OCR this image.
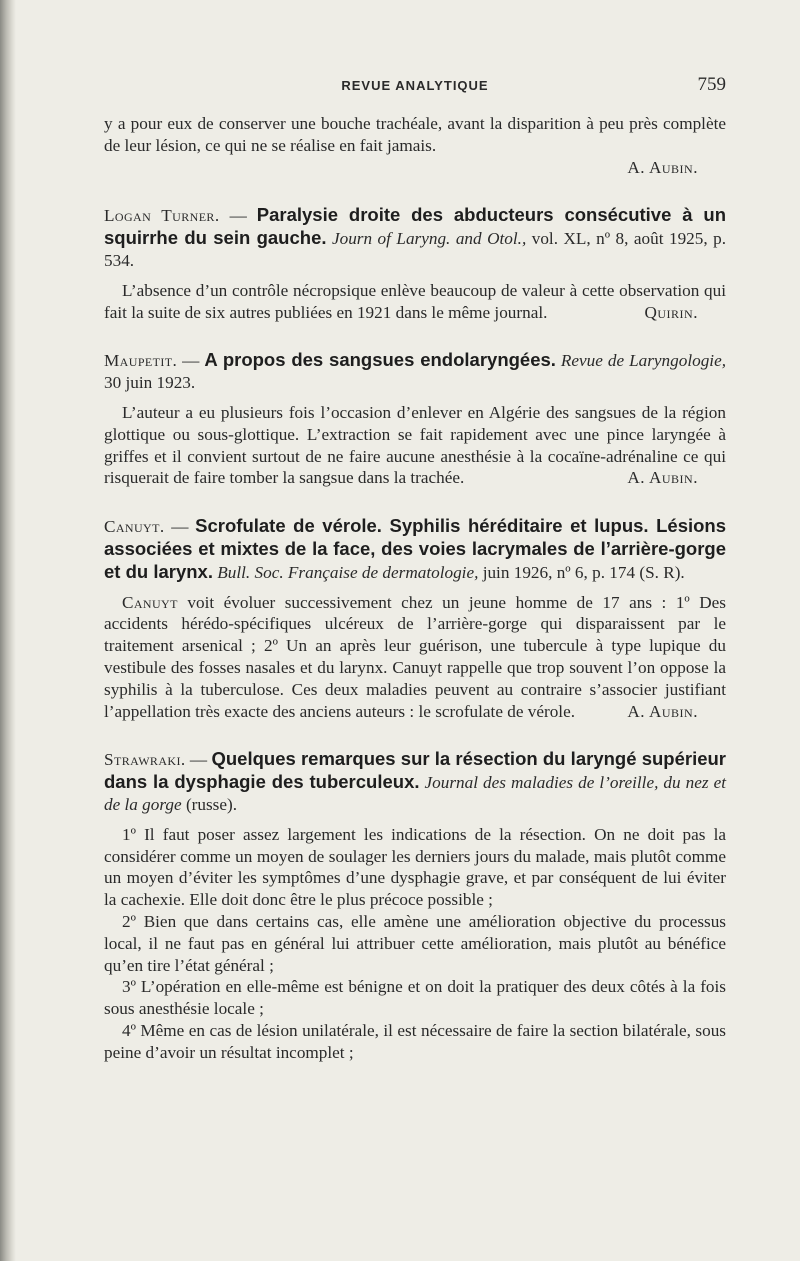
REVUE ANALYTIQUE	759

y a pour eux de conserver une bouche trachéale, avant la disparition à peu près complète de leur lésion, ce qui ne se réalise en fait jamais.

A. Aubin.

Logan Turner. — Paralysie droite des abducteurs consécutive à un squirrhe du sein gauche. Journ of Laryng. and Otol., vol. XL, nº 8, août 1925, p. 534.

L’absence d’un contrôle nécropsique enlève beaucoup de valeur à cette observation qui fait la suite de six autres publiées en 1921 dans le même journal.	Quirin.

Maupetit. — A propos des sangsues endolaryngées. Revue de Laryngologie, 30 juin 1923.

L’auteur a eu plusieurs fois l’occasion d’enlever en Algérie des sangsues de la région glottique ou sous-glottique. L’extraction se fait rapidement avec une pince laryngée à griffes et il convient surtout de ne faire aucune anesthésie à la cocaïne-adrénaline ce qui risquerait de faire tomber la sangsue dans la trachée.	A. Aubin.

Canuyt. — Scrofulate de vérole. Syphilis héréditaire et lupus. Lésions associées et mixtes de la face, des voies lacrymales de l’arrière-gorge et du larynx. Bull. Soc. Française de dermatologie, juin 1926, nº 6, p. 174 (S. R).

Canuyt voit évoluer successivement chez un jeune homme de 17 ans : 1º Des accidents hérédo-spécifiques ulcéreux de l’arrière-gorge qui disparaissent par le traitement arsenical ; 2º Un an après leur guérison, une tubercule à type lupique du vestibule des fosses nasales et du larynx. Canuyt rappelle que trop souvent l’on oppose la syphilis à la tuberculose. Ces deux maladies peuvent au contraire s’associer justifiant l’appellation très exacte des anciens auteurs : le scrofulate de vérole.	A. Aubin.

Strawraki. — Quelques remarques sur la résection du laryngé supérieur dans la dysphagie des tuberculeux. Journal des maladies de l’oreille, du nez et de la gorge (russe).

1º Il faut poser assez largement les indications de la résection. On ne doit pas la considérer comme un moyen de soulager les derniers jours du malade, mais plutôt comme un moyen d’éviter les symptômes d’une dysphagie grave, et par conséquent de lui éviter la cachexie. Elle doit donc être le plus précoce possible ;

2º Bien que dans certains cas, elle amène une amélioration objective du processus local, il ne faut pas en général lui attribuer cette amélioration, mais plutôt au bénéfice qu’en tire l’état général ;

3º L’opération en elle-même est bénigne et on doit la pratiquer des deux côtés à la fois sous anesthésie locale ;

4º Même en cas de lésion unilatérale, il est nécessaire de faire la section bilatérale, sous peine d’avoir un résultat incomplet ;
